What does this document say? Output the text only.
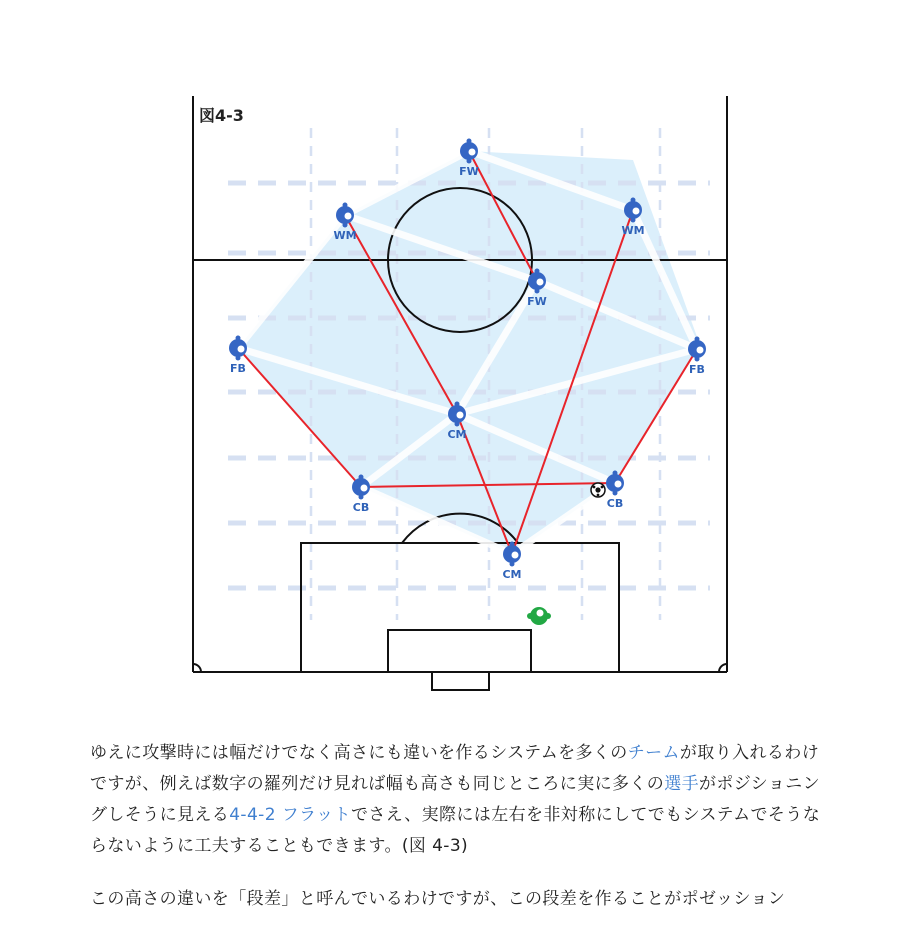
FW
FW
WM	WM
FB	FB
CM
CM
CB	CB
図4-3

ゆえに攻撃時には幅だけでなく高さにも違いを作るシステムを多くのチームが取り入れるわけですが、例えば数字の羅列だけ見れば幅も高さも同じところに実に多くの選手がポジショニングしそうに見える4-4-2 フラットでさえ、実際には左右を非対称にしてでもシステムでそうならないように工夫することもできます。(図 4-3)

この高さの違いを「段差」と呼んでいるわけですが、この段差を作ることがポゼッション
